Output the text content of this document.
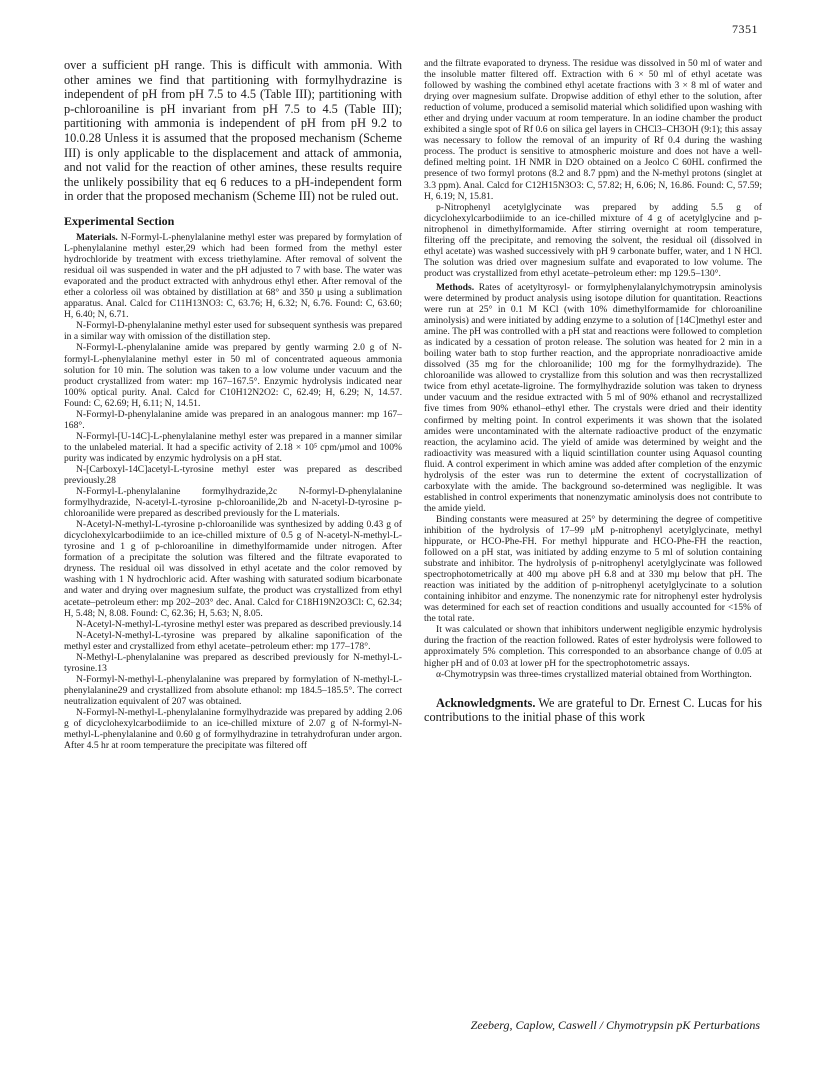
7351

over a sufficient pH range. This is difficult with ammonia. With other amines we find that partitioning with formylhydrazine is independent of pH from pH 7.5 to 4.5 (Table III); partitioning with p-chloroaniline is pH invariant from pH 7.5 to 4.5 (Table III); partitioning with ammonia is independent of pH from pH 9.2 to 10.0.28 Unless it is assumed that the proposed mechanism (Scheme III) is only applicable to the displacement and attack of ammonia, and not valid for the reaction of other amines, these results require the unlikely possibility that eq 6 reduces to a pH-independent form in order that the proposed mechanism (Scheme III) not be ruled out.

Experimental Section

Materials. N-Formyl-L-phenylalanine methyl ester was prepared by formylation of L-phenylalanine methyl ester,29 which had been formed from the methyl ester hydrochloride by treatment with excess triethylamine. After removal of solvent the residual oil was suspended in water and the pH adjusted to 7 with base. The water was evaporated and the product extracted with anhydrous ethyl ether. After removal of the ether a colorless oil was obtained by distillation at 68° and 350 μ using a sublimation apparatus. Anal. Calcd for C11H13NO3: C, 63.76; H, 6.32; N, 6.76. Found: C, 63.60; H, 6.40; N, 6.71.

N-Formyl-D-phenylalanine methyl ester used for subsequent synthesis was prepared in a similar way with omission of the distillation step.

N-Formyl-L-phenylalanine amide was prepared by gently warming 2.0 g of N-formyl-L-phenylalanine methyl ester in 50 ml of concentrated aqueous ammonia solution for 10 min. The solution was taken to a low volume under vacuum and the product crystallized from water: mp 167–167.5°. Enzymic hydrolysis indicated near 100% optical purity. Anal. Calcd for C10H12N2O2: C, 62.49; H, 6.29; N, 14.57. Found: C, 62.69; H, 6.11; N, 14.51.

N-Formyl-D-phenylalanine amide was prepared in an analogous manner: mp 167–168°.

N-Formyl-[U-14C]-L-phenylalanine methyl ester was prepared in a manner similar to the unlabeled material. It had a specific activity of 2.18 × 10⁵ cpm/μmol and 100% purity was indicated by enzymic hydrolysis on a pH stat.

N-[Carboxyl-14C]acetyl-L-tyrosine methyl ester was prepared as described previously.28

N-Formyl-L-phenylalanine formylhydrazide,2c N-formyl-D-phenylalanine formylhydrazide, N-acetyl-L-tyrosine p-chloroanilide,2b and N-acetyl-D-tyrosine p-chloroanilide were prepared as described previously for the L materials.

N-Acetyl-N-methyl-L-tyrosine p-chloroanilide was synthesized by adding 0.43 g of dicyclohexylcarbodiimide to an ice-chilled mixture of 0.5 g of N-acetyl-N-methyl-L-tyrosine and 1 g of p-chloroaniline in dimethylformamide under nitrogen. After formation of a precipitate the solution was filtered and the filtrate evaporated to dryness. The residual oil was dissolved in ethyl acetate and the color removed by washing with 1 N hydrochloric acid. After washing with saturated sodium bicarbonate and water and drying over magnesium sulfate, the product was crystallized from ethyl acetate–petroleum ether: mp 202–203° dec. Anal. Calcd for C18H19N2O3Cl: C, 62.34; H, 5.48; N, 8.08. Found: C, 62.36; H, 5.63; N, 8.05.

N-Acetyl-N-methyl-L-tyrosine methyl ester was prepared as described previously.14

N-Acetyl-N-methyl-L-tyrosine was prepared by alkaline saponification of the methyl ester and crystallized from ethyl acetate–petroleum ether: mp 177–178°.

N-Methyl-L-phenylalanine was prepared as described previously for N-methyl-L-tyrosine.13

N-Formyl-N-methyl-L-phenylalanine was prepared by formylation of N-methyl-L-phenylalanine29 and crystallized from absolute ethanol: mp 184.5–185.5°. The correct neutralization equivalent of 207 was obtained.

N-Formyl-N-methyl-L-phenylalanine formylhydrazide was prepared by adding 2.06 g of dicyclohexylcarbodiimide to an ice-chilled mixture of 2.07 g of N-formyl-N-methyl-L-phenylalanine and 0.60 g of formylhydrazine in tetrahydrofuran under argon. After 4.5 hr at room temperature the precipitate was filtered off

and the filtrate evaporated to dryness. The residue was dissolved in 50 ml of water and the insoluble matter filtered off. Extraction with 6 × 50 ml of ethyl acetate was followed by washing the combined ethyl acetate fractions with 3 × 8 ml of water and drying over magnesium sulfate. Dropwise addition of ethyl ether to the solution, after reduction of volume, produced a semisolid material which solidified upon washing with ether and drying under vacuum at room temperature. In an iodine chamber the product exhibited a single spot of Rf 0.6 on silica gel layers in CHCl3–CH3OH (9:1); this assay was necessary to follow the removal of an impurity of Rf 0.4 during the washing process. The product is sensitive to atmospheric moisture and does not have a well-defined melting point. 1H NMR in D2O obtained on a Jeolco C 60HL confirmed the presence of two formyl protons (8.2 and 8.7 ppm) and the N-methyl protons (singlet at 3.3 ppm). Anal. Calcd for C12H15N3O3: C, 57.82; H, 6.06; N, 16.86. Found: C, 57.59; H, 6.19; N, 15.81.

p-Nitrophenyl acetylglycinate was prepared by adding 5.5 g of dicyclohexylcarbodiimide to an ice-chilled mixture of 4 g of acetylglycine and p-nitrophenol in dimethylformamide. After stirring overnight at room temperature, filtering off the precipitate, and removing the solvent, the residual oil (dissolved in ethyl acetate) was washed successively with pH 9 carbonate buffer, water, and 1 N HCl. The solution was dried over magnesium sulfate and evaporated to low volume. The product was crystallized from ethyl acetate–petroleum ether: mp 129.5–130°.

Methods. Rates of acetyltyrosyl- or formylphenylalanylchymotrypsin aminolysis were determined by product analysis using isotope dilution for quantitation. Reactions were run at 25° in 0.1 M KCl (with 10% dimethylformamide for chloroaniline aminolysis) and were initiated by adding enzyme to a solution of [14C]methyl ester and amine. The pH was controlled with a pH stat and reactions were followed to completion as indicated by a cessation of proton release. The solution was heated for 2 min in a boiling water bath to stop further reaction, and the appropriate nonradioactive amide dissolved (35 mg for the chloroanilide; 100 mg for the formylhydrazide). The chloroanilide was allowed to crystallize from this solution and was then recrystallized twice from ethyl acetate-ligroine. The formylhydrazide solution was taken to dryness under vacuum and the residue extracted with 5 ml of 90% ethanol and recrystallized five times from 90% ethanol–ethyl ether. The crystals were dried and their identity confirmed by melting point. In control experiments it was shown that the isolated amides were uncontaminated with the alternate radioactive product of the enzymatic reaction, the acylamino acid. The yield of amide was determined by weight and the radioactivity was measured with a liquid scintillation counter using Aquasol counting fluid. A control experiment in which amine was added after completion of the enzymic hydrolysis of the ester was run to determine the extent of cocrystallization of carboxylate with the amide. The background so-determined was negligible. It was established in control experiments that nonenzymatic aminolysis does not contribute to the amide yield.

Binding constants were measured at 25° by determining the degree of competitive inhibition of the hydrolysis of 17–99 μM p-nitrophenyl acetylglycinate, methyl hippurate, or HCO-Phe-FH. For methyl hippurate and HCO-Phe-FH the reaction, followed on a pH stat, was initiated by adding enzyme to 5 ml of solution containing substrate and inhibitor. The hydrolysis of p-nitrophenyl acetylglycinate was followed spectrophotometrically at 400 mμ above pH 6.8 and at 330 mμ below that pH. The reaction was initiated by the addition of p-nitrophenyl acetylglycinate to a solution containing inhibitor and enzyme. The nonenzymic rate for nitrophenyl ester hydrolysis was determined for each set of reaction conditions and usually accounted for <15% of the total rate.

It was calculated or shown that inhibitors underwent negligible enzymic hydrolysis during the fraction of the reaction followed. Rates of ester hydrolysis were followed to approximately 5% completion. This corresponded to an absorbance change of 0.05 at higher pH and of 0.03 at lower pH for the spectrophotometric assays.

α-Chymotrypsin was three-times crystallized material obtained from Worthington.

Acknowledgments. We are grateful to Dr. Ernest C. Lucas for his contributions to the initial phase of this work

Zeeberg, Caplow, Caswell / Chymotrypsin pK Perturbations
